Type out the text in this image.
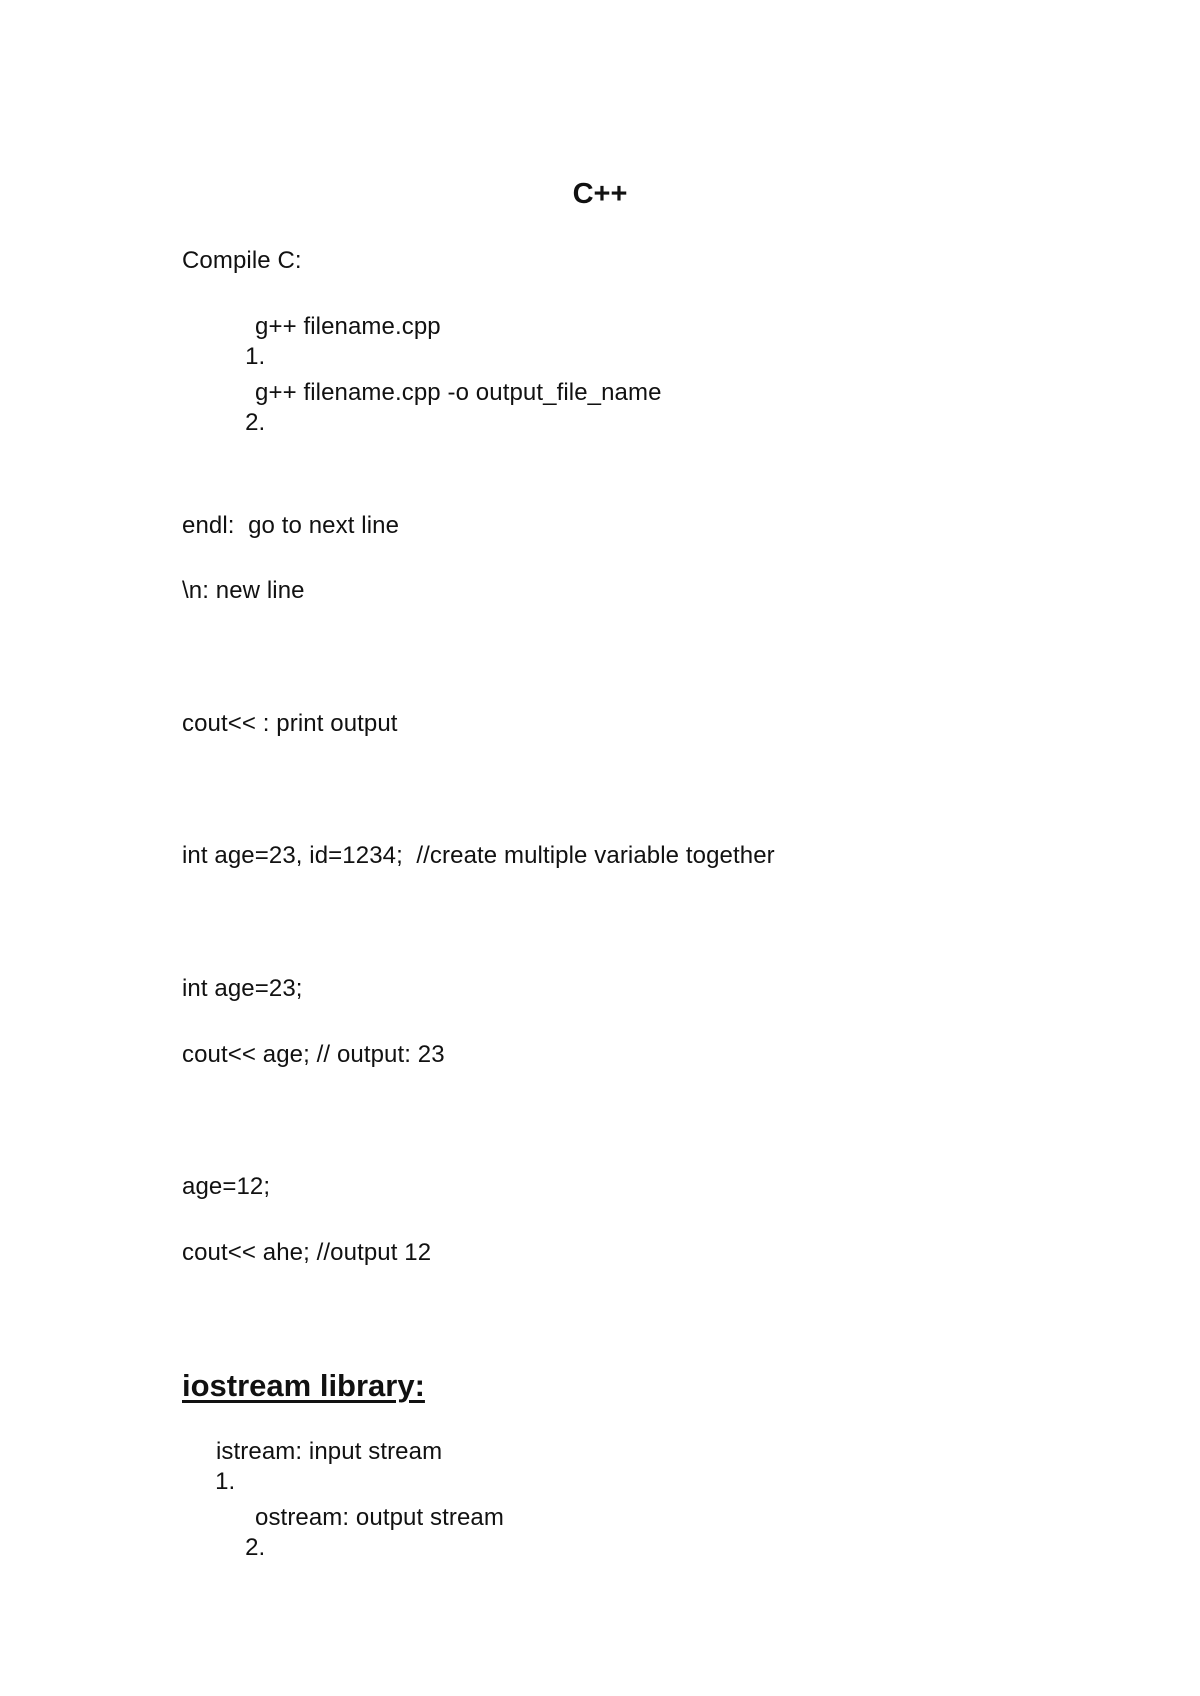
C++
Compile C:

1.

g++ filename.cpp

2.

g++ filename.cpp -o output_file_name
endl:  go to next line
\n: new line
cout<< : print output
int age=23, id=1234;  //create multiple variable together
int age=23;
cout<< age; // output: 23
age=12;
cout<< ahe; //output 12
iostream library:

1.

istream: input stream

2.

ostream: output stream
